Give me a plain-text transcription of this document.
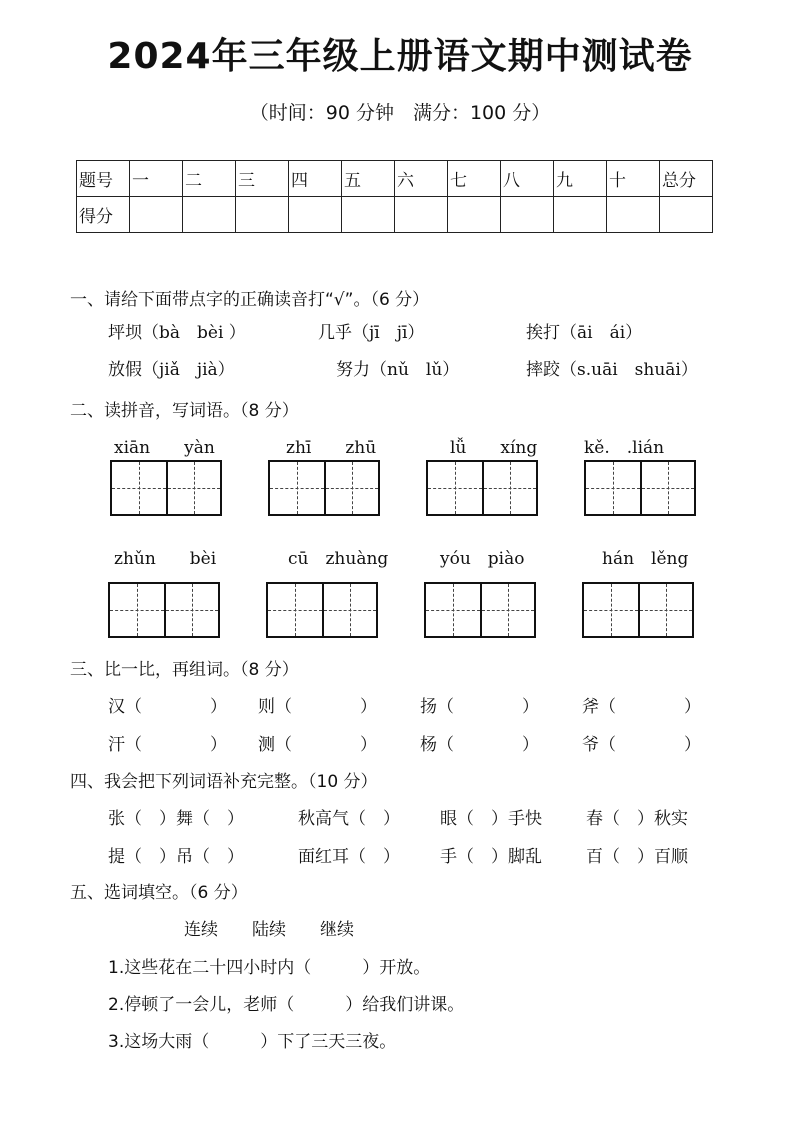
2024年三年级上册语文期中测试卷
（时间：90 分钟　满分：100 分）
题号	一	二	三	四	五	六	七	八	九	十	总分
得分											
一、请给下面带点字的正确读音打“√”。（6 分）
坪坝（bà　bèi ）	几乎（jī　jī）	挨打（āi　ái）
放假（jiǎ　jià）	努力（nǔ　lǔ）	摔跤（s.uāi　shuāi）
二、读拼音，写词语。（8 分）
xiān　　yàn	zhī　　zhū	lǚ　　xíng	kě.　.lián
zhǔn　　bèi	cū　zhuàng	yóu　piào	hán　lěng
三、比一比，再组词。（8 分）
汉（　　　　） 则（　　　　）	扬（　　　　）	斧（　　　　）
汗（　　　　） 测（　　　　）	杨（　　　　）	爷（　　　　）
四、我会把下列词语补充完整。（10 分）
张（　）舞（　）	秋高气（　） 眼（　）手快	春（　）秋实
提（　）吊（　）	面红耳（　） 手（　）脚乱	百（　）百顺
五、选词填空。（6 分）
连续　　陆续　　继续
1.这些花在二十四小时内（　　　）开放。
2.停顿了一会儿，老师（　　　）给我们讲课。
3.这场大雨（　　　）下了三天三夜。
